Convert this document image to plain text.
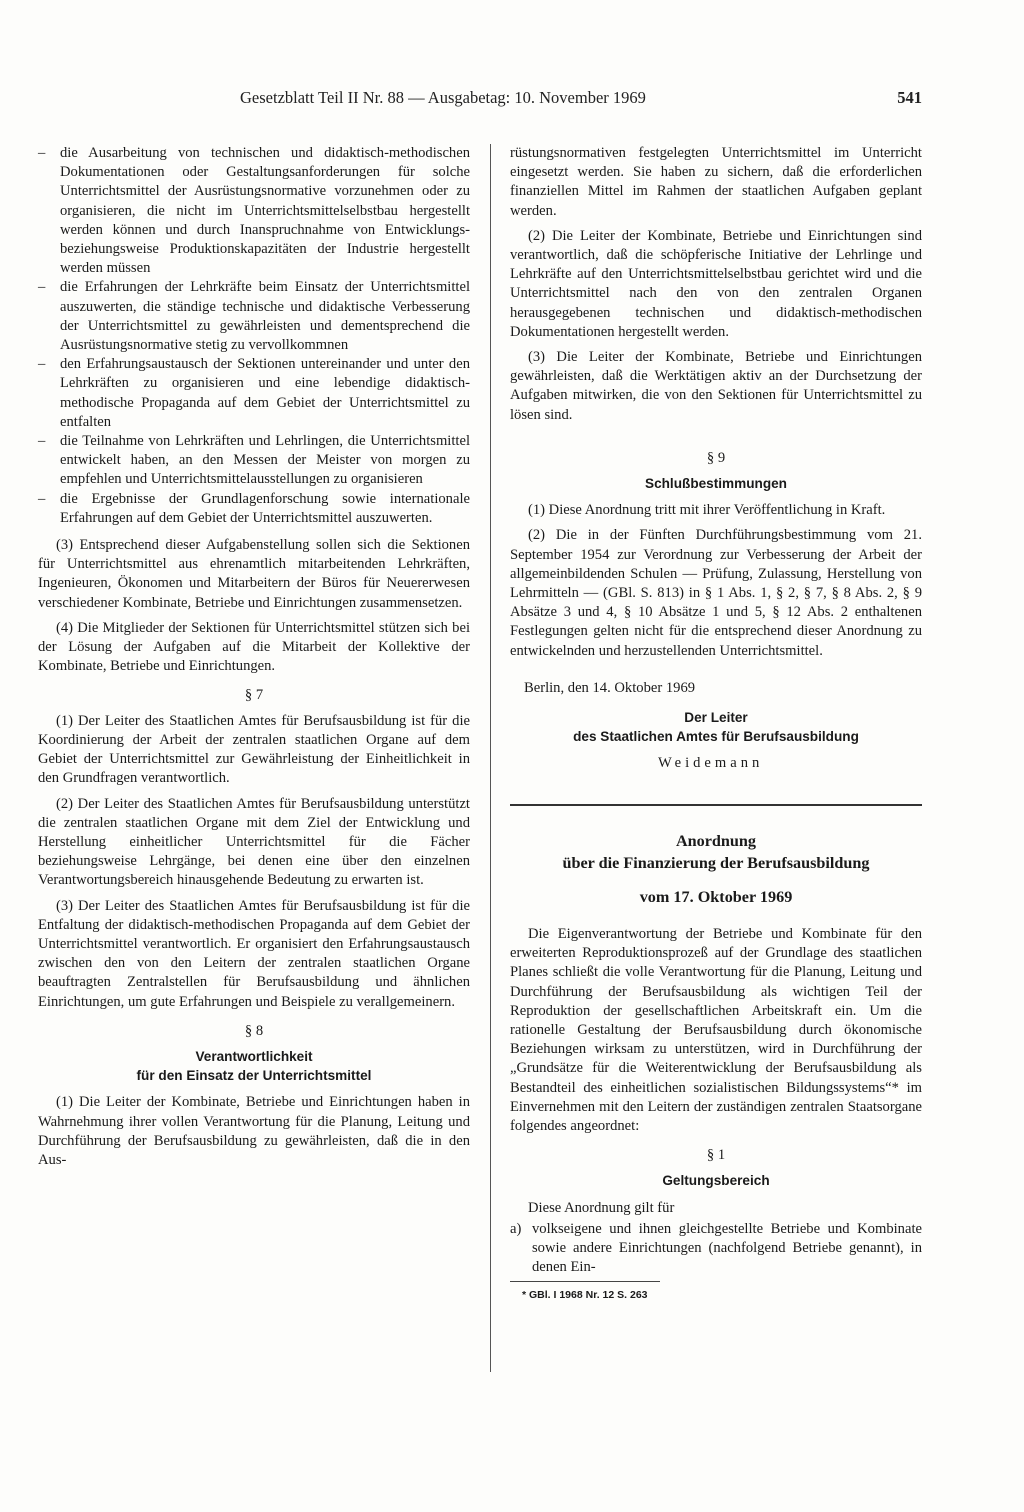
Gesetzblatt Teil II Nr. 88 — Ausgabetag: 10. November 1969	541
– die Ausarbeitung von technischen und didaktisch-methodischen Dokumentationen oder Gestaltungsanforderungen für solche Unterrichtsmittel der Ausrüstungsnormative vorzunehmen oder zu organisieren, die nicht im Unterrichtsmittelselbstbau hergestellt werden können und durch Inanspruchnahme von Entwicklungs- beziehungsweise Produktionskapazitäten der Industrie hergestellt werden müssen
– die Erfahrungen der Lehrkräfte beim Einsatz der Unterrichtsmittel auszuwerten, die ständige technische und didaktische Verbesserung der Unterrichtsmittel zu gewährleisten und dementsprechend die Ausrüstungsnormative stetig zu vervollkommnen
– den Erfahrungsaustausch der Sektionen untereinander und unter den Lehrkräften zu organisieren und eine lebendige didaktisch-methodische Propaganda auf dem Gebiet der Unterrichtsmittel zu entfalten
– die Teilnahme von Lehrkräften und Lehrlingen, die Unterrichtsmittel entwickelt haben, an den Messen der Meister von morgen zu empfehlen und Unterrichtsmittelausstellungen zu organisieren
– die Ergebnisse der Grundlagenforschung sowie internationale Erfahrungen auf dem Gebiet der Unterrichtsmittel auszuwerten.

(3) Entsprechend dieser Aufgabenstellung sollen sich die Sektionen für Unterrichtsmittel aus ehrenamtlich mitarbeitenden Lehrkräften, Ingenieuren, Ökonomen und Mitarbeitern der Büros für Neuererwesen verschiedener Kombinate, Betriebe und Einrichtungen zusammensetzen.

(4) Die Mitglieder der Sektionen für Unterrichtsmittel stützen sich bei der Lösung der Aufgaben auf die Mitarbeit der Kollektive der Kombinate, Betriebe und Einrichtungen.

§ 7

(1) Der Leiter des Staatlichen Amtes für Berufsausbildung ist für die Koordinierung der Arbeit der zentralen staatlichen Organe auf dem Gebiet der Unterrichtsmittel zur Gewährleistung der Einheitlichkeit in den Grundfragen verantwortlich.

(2) Der Leiter des Staatlichen Amtes für Berufsausbildung unterstützt die zentralen staatlichen Organe mit dem Ziel der Entwicklung und Herstellung einheitlicher Unterrichtsmittel für die Fächer beziehungsweise Lehrgänge, bei denen eine über den einzelnen Verantwortungsbereich hinausgehende Bedeutung zu erwarten ist.

(3) Der Leiter des Staatlichen Amtes für Berufsausbildung ist für die Entfaltung der didaktisch-methodischen Propaganda auf dem Gebiet der Unterrichtsmittel verantwortlich. Er organisiert den Erfahrungsaustausch zwischen den von den Leitern der zentralen staatlichen Organe beauftragten Zentralstellen für Berufsausbildung und ähnlichen Einrichtungen, um gute Erfahrungen und Beispiele zu verallgemeinern.

§ 8
Verantwortlichkeit
für den Einsatz der Unterrichtsmittel

(1) Die Leiter der Kombinate, Betriebe und Einrichtungen haben in Wahrnehmung ihrer vollen Verantwortung für die Planung, Leitung und Durchführung der Berufsausbildung zu gewährleisten, daß die in den Aus-

rüstungsnormativen festgelegten Unterrichtsmittel im Unterricht eingesetzt werden. Sie haben zu sichern, daß die erforderlichen finanziellen Mittel im Rahmen der staatlichen Aufgaben geplant werden.

(2) Die Leiter der Kombinate, Betriebe und Einrichtungen sind verantwortlich, daß die schöpferische Initiative der Lehrlinge und Lehrkräfte auf den Unterrichtsmittelselbstbau gerichtet wird und die Unterrichtsmittel nach den von den zentralen Organen herausgegebenen technischen und didaktisch-methodischen Dokumentationen hergestellt werden.

(3) Die Leiter der Kombinate, Betriebe und Einrichtungen gewährleisten, daß die Werktätigen aktiv an der Durchsetzung der Aufgaben mitwirken, die von den Sektionen für Unterrichtsmittel zu lösen sind.

§ 9
Schlußbestimmungen

(1) Diese Anordnung tritt mit ihrer Veröffentlichung in Kraft.

(2) Die in der Fünften Durchführungsbestimmung vom 21. September 1954 zur Verordnung zur Verbesserung der Arbeit der allgemeinbildenden Schulen — Prüfung, Zulassung, Herstellung von Lehrmitteln — (GBl. S. 813) in § 1 Abs. 1, § 2, § 7, § 8 Abs. 2, § 9 Absätze 3 und 4, § 10 Absätze 1 und 5, § 12 Abs. 2 enthaltenen Festlegungen gelten nicht für die entsprechend dieser Anordnung zu entwickelnden und herzustellenden Unterrichtsmittel.

Berlin, den 14. Oktober 1969

Der Leiter
des Staatlichen Amtes für Berufsausbildung
Weidemann
Anordnung
über die Finanzierung der Berufsausbildung
vom 17. Oktober 1969

Die Eigenverantwortung der Betriebe und Kombinate für den erweiterten Reproduktionsprozeß auf der Grundlage des staatlichen Planes schließt die volle Verantwortung für die Planung, Leitung und Durchführung der Berufsausbildung als wichtigen Teil der Reproduktion der gesellschaftlichen Arbeitskraft ein. Um die rationelle Gestaltung der Berufsausbildung durch ökonomische Beziehungen wirksam zu unterstützen, wird in Durchführung der „Grundsätze für die Weiterentwicklung der Berufsausbildung als Bestandteil des einheitlichen sozialistischen Bildungssystems“* im Einvernehmen mit den Leitern der zuständigen zentralen Staatsorgane folgendes angeordnet:

§ 1
Geltungsbereich

Diese Anordnung gilt für

a) volkseigene und ihnen gleichgestellte Betriebe und Kombinate sowie andere Einrichtungen (nachfolgend Betriebe genannt), in denen Ein-
* GBl. I 1968 Nr. 12 S. 263
